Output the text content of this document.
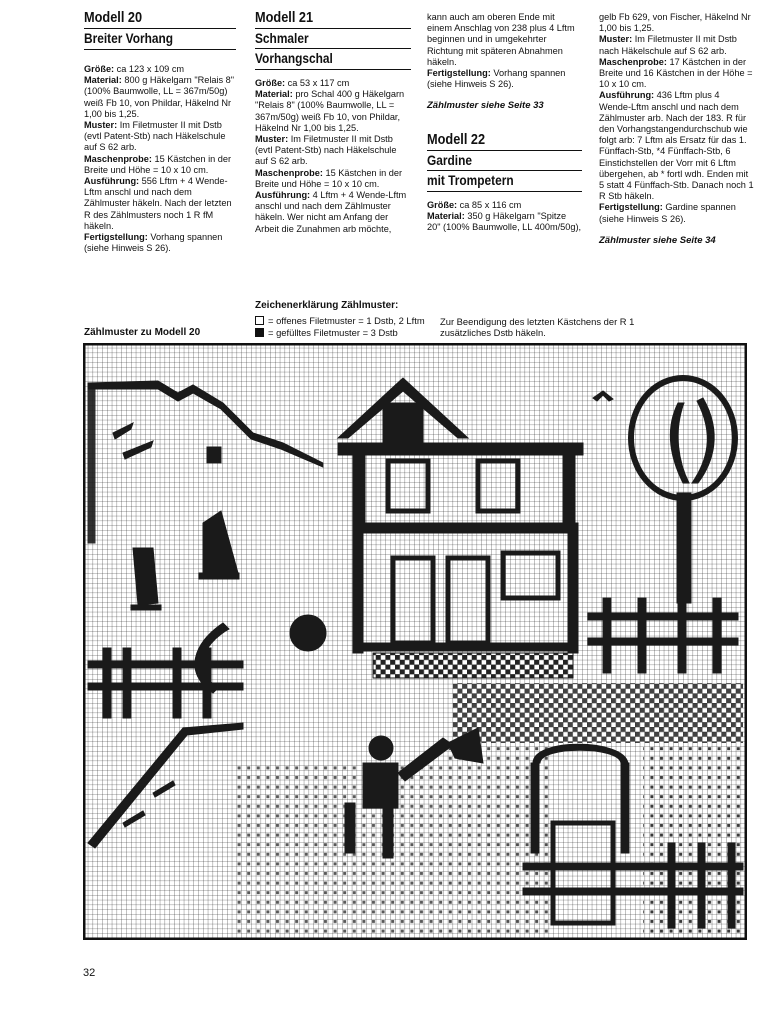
Modell 20
Breiter Vorhang

Größe: ca 123 x 109 cm

Material: 800 g Häkelgarn "Relais 8" (100% Baumwolle, LL = 367m/50g) weiß Fb 10, von Phildar, Häkelnd Nr 1,00 bis 1,25.

Muster: Im Filetmuster II mit Dstb (evtl Patent-Stb) nach Häkelschule auf S 62 arb.

Maschenprobe: 15 Kästchen in der Breite und Höhe = 10 x 10 cm.

Ausführung: 556 Lftm + 4 Wende-Lftm anschl und nach dem Zählmuster häkeln. Nach der letzten R des Zählmusters noch 1 R fM häkeln.

Fertigstellung: Vorhang spannen (siehe Hinweis S 26).

Modell 21
Schmaler
Vorhangschal

Größe: ca 53 x 117 cm

Material: pro Schal 400 g Häkelgarn "Relais 8" (100% Baumwolle, LL = 367m/50g) weiß Fb 10, von Phildar, Häkelnd Nr 1,00 bis 1,25.

Muster: Im Filetmuster II mit Dstb (evtl Patent-Stb) nach Häkelschule auf S 62 arb.

Maschenprobe: 15 Kästchen in der Breite und Höhe = 10 x 10 cm.

Ausführung: 4 Lftm + 4 Wende-Lftm anschl und nach dem Zählmuster häkeln. Wer nicht am Anfang der Arbeit die Zunahmen arb möchte,

kann auch am oberen Ende mit einem Anschlag von 238 plus 4 Lftm beginnen und in umgekehrter Richtung mit späteren Abnahmen häkeln.

Fertigstellung: Vorhang spannen (siehe Hinweis S 26).

Zählmuster siehe Seite 33
Modell 22
Gardine
mit Trompetern

Größe: ca 85 x 116 cm

Material: 350 g Häkelgarn "Spitze 20" (100% Baumwolle, LL 400m/50g),

gelb Fb 629, von Fischer, Häkelnd Nr 1,00 bis 1,25.

Muster: Im Filetmuster II mit Dstb nach Häkelschule auf S 62 arb.

Maschenprobe: 17 Kästchen in der Breite und 16 Kästchen in der Höhe = 10 x 10 cm.

Ausführung: 436 Lftm plus 4 Wende-Lftm anschl und nach dem Zählmuster arb. Nach der 183. R für den Vorhangstangendurchschub wie folgt arb: 7 Lftm als Ersatz für das 1. Fünffach-Stb, *4 Fünffach-Stb, 6 Einstichstellen der Vorr mit 6 Lftm übergehen, ab * fortl wdh. Enden mit 5 statt 4 Fünffach-Stb. Danach noch 1 R Stb häkeln.

Fertigstellung: Gardine spannen (siehe Hinweis S 26).

Zählmuster siehe Seite 34
Zeichenerklärung Zählmuster:
= offenes Filetmuster = 1 Dstb, 2 Lftm
= gefülltes Filetmuster = 3 Dstb
Zur Beendigung des letzten Kästchens der R 1 zusätzliches Dstb häkeln.
Zählmuster zu Modell 20
32
